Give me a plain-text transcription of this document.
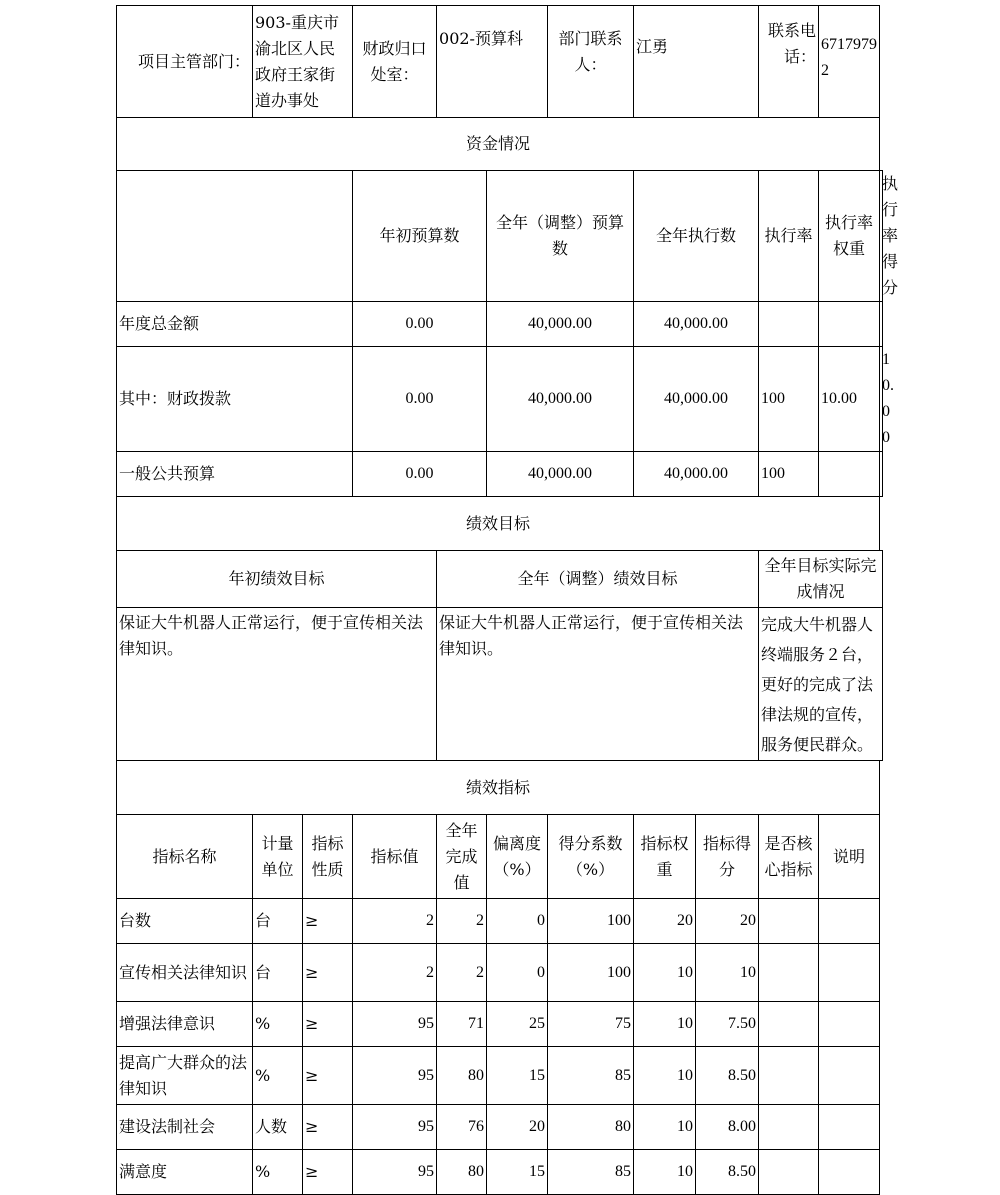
项目主管部门：	903-重庆市渝北区人民政府王家街道办事处		财政归口处室：	002-预算科		部门联系人：	江勇		联系电话：	67179792	
资金情况											
			年初预算数		全年（调整）预算数		全年执行数		执行率	执行率权重	执行率得分
年度总金额			0.00		40,000.00		40,000.00				
其中：财政拨款			0.00		40,000.00		40,000.00		100	10.00	10.00
一般公共预算			0.00		40,000.00		40,000.00		100		
绩效目标											
年初绩效目标				全年（调整）绩效目标					全年目标实际完成情况		
保证大牛机器人正常运行，便于宣传相关法律知识。				保证大牛机器人正常运行，便于宣传相关法律知识。					完成大牛机器人终端服务２台，更好的完成了法律法规的宣传，服务便民群众。		
绩效指标											
指标名称	计量单位	指标性质	指标值	全年完成值	偏离度（%）	得分系数（%）	指标权重	指标得分	是否核心指标	说明	
台数	台	≥	2	2	0	100	20	20			
宣传相关法律知识	台	≥	2	2	0	100	10	10			
增强法律意识	%	≥	95	71	25	75	10	7.50			
提高广大群众的法律知识	%	≥	95	80	15	85	10	8.50			
建设法制社会	人数	≥	95	76	20	80	10	8.00			
满意度	%	≥	95	80	15	85	10	8.50			
